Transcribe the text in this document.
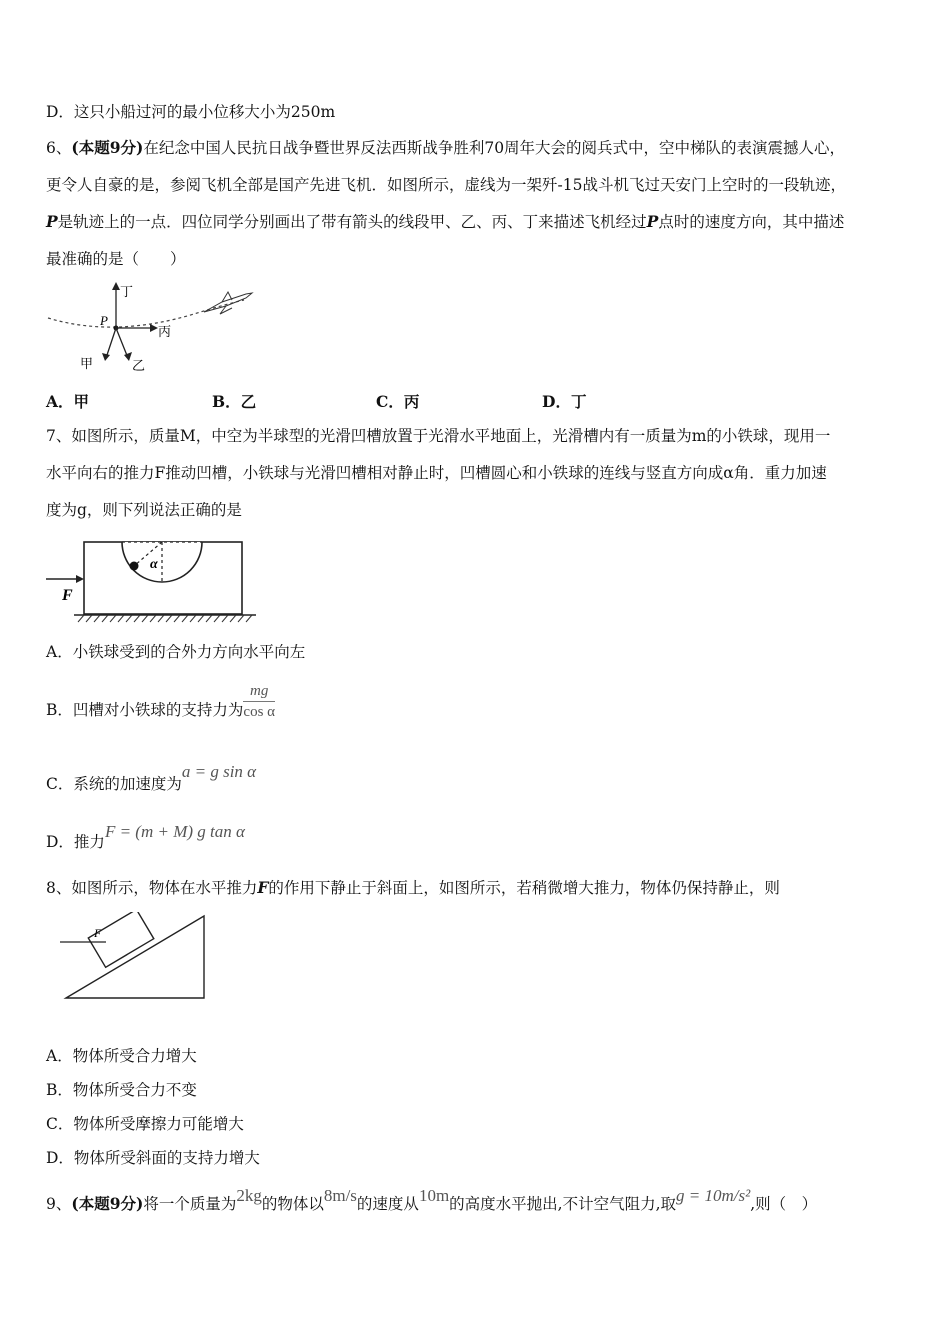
D．这只小船过河的最小位移大小为250m
6、(本题9分)在纪念中国人民抗日战争暨世界反法西斯战争胜利70周年大会的阅兵式中，空中梯队的表演震撼人心，
更令人自豪的是，参阅飞机全部是国产先进飞机．如图所示，虚线为一架歼-15战斗机飞过天安门上空时的一段轨迹，
P是轨迹上的一点．四位同学分别画出了带有箭头的线段甲、乙、丙、丁来描述飞机经过P点时的速度方向，其中描述
最准确的是（　　）
丁
P
丙
甲	乙
A．甲	B．乙	C．丙	D．丁
7、如图所示，质量M，中空为半球型的光滑凹槽放置于光滑水平地面上，光滑槽内有一质量为m的小铁球，现用一
水平向右的推力F推动凹槽，小铁球与光滑凹槽相对静止时，凹槽圆心和小铁球的连线与竖直方向成α角．重力加速
度为g，则下列说法正确的是
α
F
A．小铁球受到的合外力方向水平向左
B．凹槽对小铁球的支持力为 $\frac{mg}{\text{cos α}}$
C．系统的加速度为a = g sin α
D．推力F = (m + M) g tan α
8、如图所示，物体在水平推力F的作用下静止于斜面上，如图所示，若稍微增大推力，物体仍保持静止，则
F
A．物体所受合力增大
B．物体所受合力不变
C．物体所受摩擦力可能增大
D．物体所受斜面的支持力增大
9、(本题9分)将一个质量为2kg的物体以8m/s的速度从10m的高度水平抛出,不计空气阻力,取g = 10m/s²,则（　）
